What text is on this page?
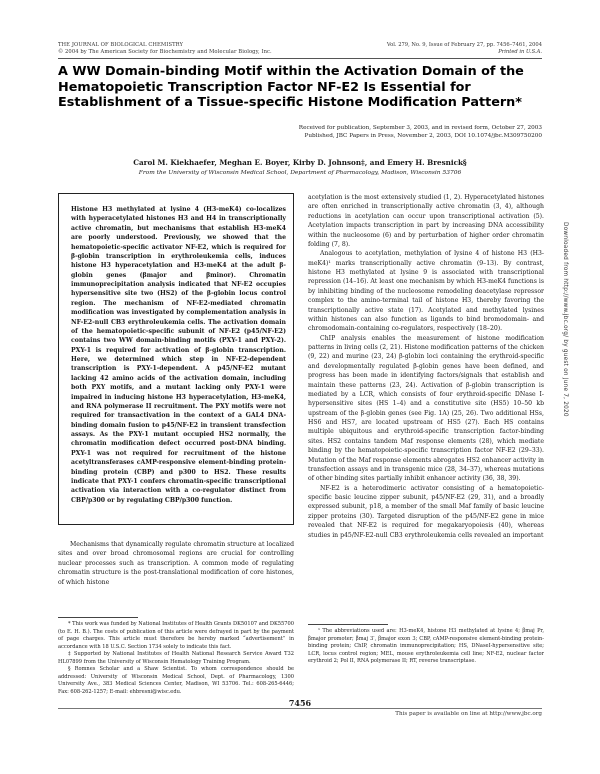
THE JOURNAL OF BIOLOGICAL CHEMISTRY
© 2004 by The American Society for Biochemistry and Molecular Biology, Inc.
Vol. 279, No. 9, Issue of February 27, pp. 7456–7461, 2004
Printed in U.S.A.
A WW Domain-binding Motif within the Activation Domain of the Hematopoietic Transcription Factor NF-E2 Is Essential for Establishment of a Tissue-specific Histone Modification Pattern*
Received for publication, September 3, 2003, and in revised form, October 27, 2003
Published, JBC Papers in Press, November 2, 2003, DOI 10.1074/jbc.M309750200
Carol M. Kiekhaefer, Meghan E. Boyer, Kirby D. Johnson‡, and Emery H. Bresnick§
From the University of Wisconsin Medical School, Department of Pharmacology, Madison, Wisconsin 53706
Histone H3 methylated at lysine 4 (H3-meK4) co-localizes with hyperacetylated histones H3 and H4 in transcriptionally active chromatin, but mechanisms that establish H3-meK4 are poorly understood. Previously, we showed that the hematopoietic-specific activator NF-E2, which is required for β-globin transcription in erythroleukemia cells, induces histone H3 hyperacetylation and H3-meK4 at the adult β-globin genes (βmajor and βminor). Chromatin immunoprecipitation analysis indicated that NF-E2 occupies hypersensitive site two (HS2) of the β-globin locus control region. The mechanism of NF-E2-mediated chromatin modification was investigated by complementation analysis in NF-E2-null CB3 erythroleukemia cells. The activation domain of the hematopoietic-specific subunit of NF-E2 (p45/NF-E2) contains two WW domain-binding motifs (PXY-1 and PXY-2). PXY-1 is required for activation of β-globin transcription. Here, we determined which step in NF-E2-dependent transcription is PXY-1-dependent. A p45/NF-E2 mutant lacking 42 amino acids of the activation domain, including both PXY motifs, and a mutant lacking only PXY-1 were impaired in inducing histone H3 hyperacetylation, H3-meK4, and RNA polymerase II recruitment. The PXY motifs were not required for transactivation in the context of a GAL4 DNA-binding domain fusion to p45/NF-E2 in transient transfection assays. As the PXY-1 mutant occupied HS2 normally, the chromatin modification defect occurred post-DNA binding. PXY-1 was not required for recruitment of the histone acetyltransferases cAMP-responsive element-binding protein-binding protein (CBP) and p300 to HS2. These results indicate that PXY-1 confers chromatin-specific transcriptional activation via interaction with a co-regulator distinct from CBP/p300 or by regulating CBP/p300 function.

Mechanisms that dynamically regulate chromatin structure at localized sites and over broad chromosomal regions are crucial for controlling nuclear processes such as transcription. A common mode of regulating chromatin structure is the post-translational modification of core histones, of which histone

* This work was funded by National Institutes of Health Grants DK50107 and DK55700 (to E. H. B.). The costs of publication of this article were defrayed in part by the payment of page charges. This article must therefore be hereby marked “advertisement” in accordance with 18 U.S.C. Section 1734 solely to indicate this fact.

‡ Supported by National Institutes of Health National Research Service Award T32 HL07899 from the University of Wisconsin Hematology Training Program.

§ Romnes Scholar and a Shaw Scientist. To whom correspondence should be addressed: University of Wisconsin Medical School, Dept. of Pharmacology, 1300 University Ave., 383 Medical Sciences Center, Madison, WI 53706. Tel.: 608-265-6446; Fax: 608-262-1257; E-mail: ehbresni@wisc.edu.

acetylation is the most extensively studied (1, 2). Hyperacetylated histones are often enriched in transcriptionally active chromatin (3, 4), although reductions in acetylation can occur upon transcriptional activation (5). Acetylation impacts transcription in part by increasing DNA accessibility within the nucleosome (6) and by perturbation of higher order chromatin folding (7, 8).

Analogous to acetylation, methylation of lysine 4 of histone H3 (H3-meK4)¹ marks transcriptionally active chromatin (9–13). By contrast, histone H3 methylated at lysine 9 is associated with transcriptional repression (14–16). At least one mechanism by which H3-meK4 functions is by inhibiting binding of the nucleosome remodeling deacetylase repressor complex to the amino-terminal tail of histone H3, thereby favoring the transcriptionally active state (17). Acetylated and methylated lysines within histones can also function as ligands to bind bromodomain- and chromodomain-containing co-regulators, respectively (18–20).

ChIP analysis enables the measurement of histone modification patterns in living cells (2, 21). Histone modification patterns of the chicken (9, 22) and murine (23, 24) β-globin loci containing the erythroid-specific and developmentally regulated β-globin genes have been defined, and progress has been made in identifying factors/signals that establish and maintain these patterns (23, 24). Activation of β-globin transcription is mediated by a LCR, which consists of four erythroid-specific DNase I-hypersensitive sites (HS 1–4) and a constitutive site (HS5) 10–50 kb upstream of the β-globin genes (see Fig. 1A) (25, 26). Two additional HSs, HS6 and HS7, are located upstream of HS5 (27). Each HS contains multiple ubiquitous and erythroid-specific transcription factor-binding sites. HS2 contains tandem Maf response elements (28), which mediate binding by the hematopoietic-specific transcription factor NF-E2 (29–33). Mutation of the Maf response elements abrogates HS2 enhancer activity in transfection assays and in transgenic mice (28, 34–37), whereas mutations of other binding sites partially inhibit enhancer activity (36, 38, 39).

NF-E2 is a heterodimeric activator consisting of a hematopoietic-specific basic leucine zipper subunit, p45/NF-E2 (29, 31), and a broadly expressed subunit, p18, a member of the small Maf family of basic leucine zipper proteins (30). Targeted disruption of the p45/NF-E2 gene in mice revealed that NF-E2 is required for megakaryopoiesis (40), whereas studies in p45/NF-E2-null CB3 erythroleukemia cells revealed an important

¹ The abbreviations used are: H3-meK4, histone H3 methylated at lysine 4; βmaj Pr, βmajor promoter; βmaj 3′, βmajor exon 3; CBP, cAMP-responsive element-binding protein-binding protein; ChIP, chromatin immunoprecipitation; HS, DNaseI-hypersensitive site; LCR, locus control region; MEL, mouse erythroleukemia cell line; NF-E2, nuclear factor erythroid 2; Pol II, RNA polymerase II; RT, reverse transcriptase.

7456
This paper is available on line at http://www.jbc.org
Downloaded from http://www.jbc.org/ by guest on June 7, 2020
